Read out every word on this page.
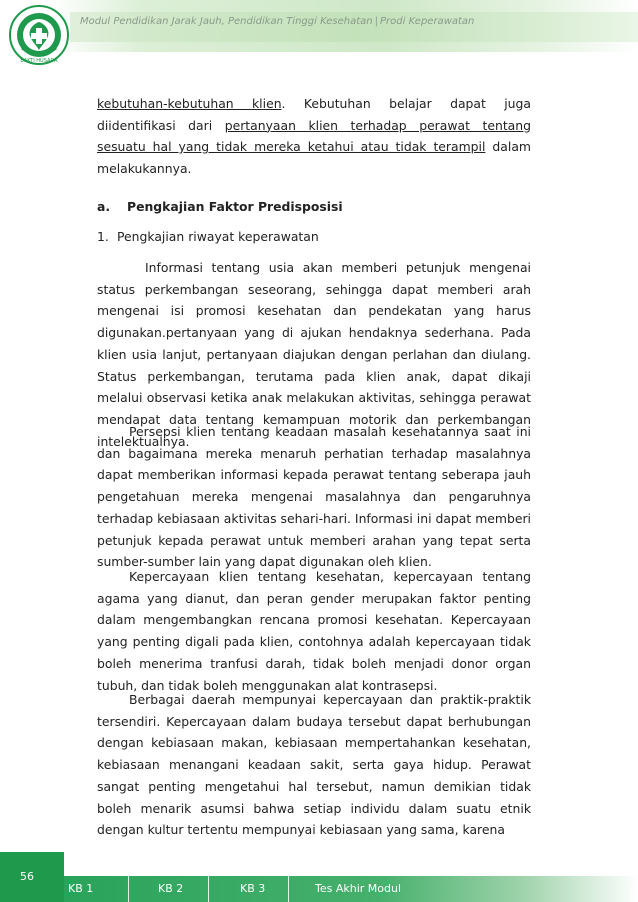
Modul Pendidikan Jarak Jauh, Pendidikan Tinggi Kesehatan | Prodi Keperawatan
BAKTI HUSADA

kebutuhan-kebutuhan klien. Kebutuhan belajar dapat juga diidentifikasi dari pertanyaan klien terhadap perawat tentang sesuatu hal yang tidak mereka ketahui atau tidak terampil dalam melakukannya.

a. Pengkajian Faktor Predisposisi
1. Pengkajian riwayat keperawatan

Informasi tentang usia akan memberi petunjuk mengenai status perkembangan seseorang, sehingga dapat memberi arah mengenai isi promosi kesehatan dan pendekatan yang harus digunakan.pertanyaan yang di ajukan hendaknya sederhana. Pada klien usia lanjut, pertanyaan diajukan dengan perlahan dan diulang. Status perkembangan, terutama pada klien anak, dapat dikaji melalui observasi ketika anak melakukan aktivitas, sehingga perawat mendapat data tentang kemampuan motorik dan perkembangan intelektualnya.

Persepsi klien tentang keadaan masalah kesehatannya saat ini dan bagaimana mereka menaruh perhatian terhadap masalahnya dapat memberikan informasi kepada perawat tentang seberapa jauh pengetahuan mereka mengenai masalahnya dan pengaruhnya terhadap kebiasaan aktivitas sehari-hari. Informasi ini dapat memberi petunjuk kepada perawat untuk memberi arahan yang tepat serta sumber-sumber lain yang dapat digunakan oleh klien.

Kepercayaan klien tentang kesehatan, kepercayaan tentang agama yang dianut, dan peran gender merupakan faktor penting dalam mengembangkan rencana promosi kesehatan. Kepercayaan yang penting digali pada klien, contohnya adalah kepercayaan tidak boleh menerima tranfusi darah, tidak boleh menjadi donor organ tubuh, dan tidak boleh menggunakan alat kontrasepsi.

Berbagai daerah mempunyai kepercayaan dan praktik-praktik tersendiri. Kepercayaan dalam budaya tersebut dapat berhubungan dengan kebiasaan makan, kebiasaan mempertahankan kesehatan, kebiasaan menangani keadaan sakit, serta gaya hidup. Perawat sangat penting mengetahui hal tersebut, namun demikian tidak boleh menarik asumsi bahwa setiap individu dalam suatu etnik dengan kultur tertentu mempunyai kebiasaan yang sama, karena

56
KB 1	KB 2	KB 3	Tes Akhir Modul
